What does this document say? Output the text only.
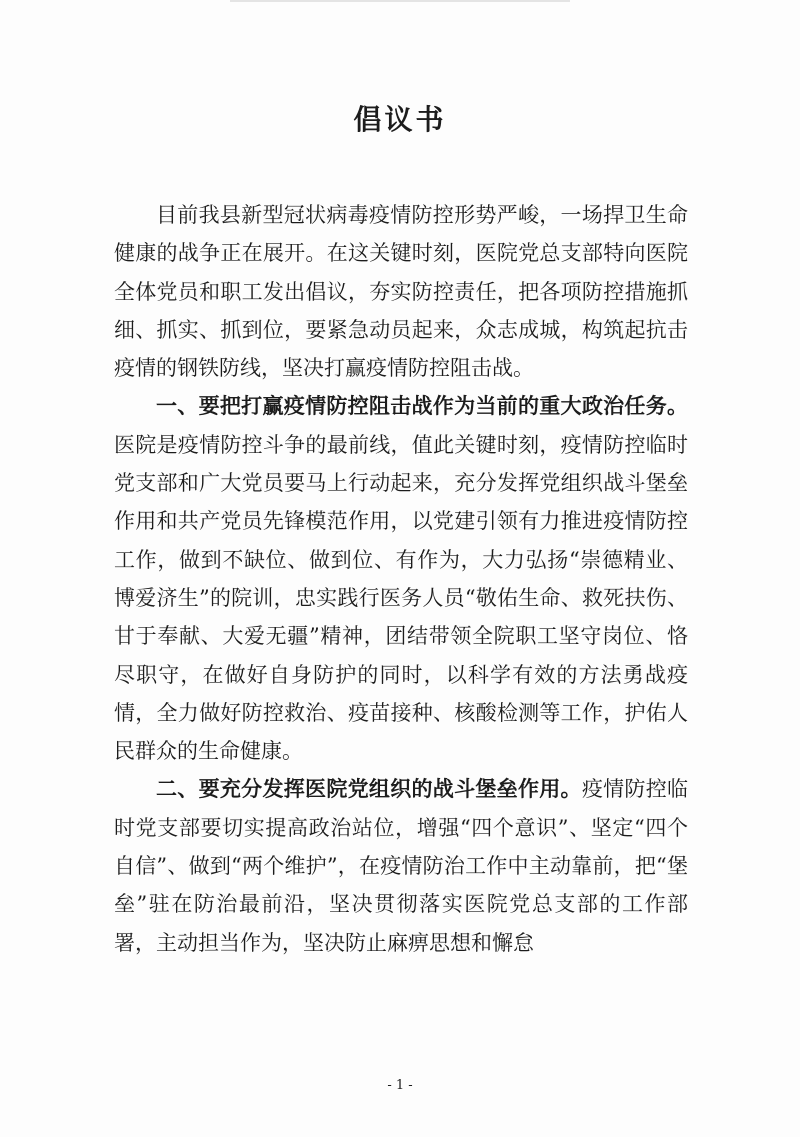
倡议书

目前我县新型冠状病毒疫情防控形势严峻，一场捍卫生命健康的战争正在展开。在这关键时刻，医院党总支部特向医院全体党员和职工发出倡议，夯实防控责任，把各项防控措施抓细、抓实、抓到位，要紧急动员起来，众志成城，构筑起抗击疫情的钢铁防线，坚决打赢疫情防控阻击战。

一、要把打赢疫情防控阻击战作为当前的重大政治任务。医院是疫情防控斗争的最前线，值此关键时刻，疫情防控临时党支部和广大党员要马上行动起来，充分发挥党组织战斗堡垒作用和共产党员先锋模范作用，以党建引领有力推进疫情防控工作，做到不缺位、做到位、有作为，大力弘扬“崇德精业、博爱济生”的院训，忠实践行医务人员“敬佑生命、救死扶伤、甘于奉献、大爱无疆”精神，团结带领全院职工坚守岗位、恪尽职守，在做好自身防护的同时，以科学有效的方法勇战疫情，全力做好防控救治、疫苗接种、核酸检测等工作，护佑人民群众的生命健康。

二、要充分发挥医院党组织的战斗堡垒作用。疫情防控临时党支部要切实提高政治站位，增强“四个意识”、坚定“四个自信”、做到“两个维护”，在疫情防治工作中主动靠前，把“堡垒”驻在防治最前沿，坚决贯彻落实医院党总支部的工作部署，主动担当作为，坚决防止麻痹思想和懈怠

- 1 -
